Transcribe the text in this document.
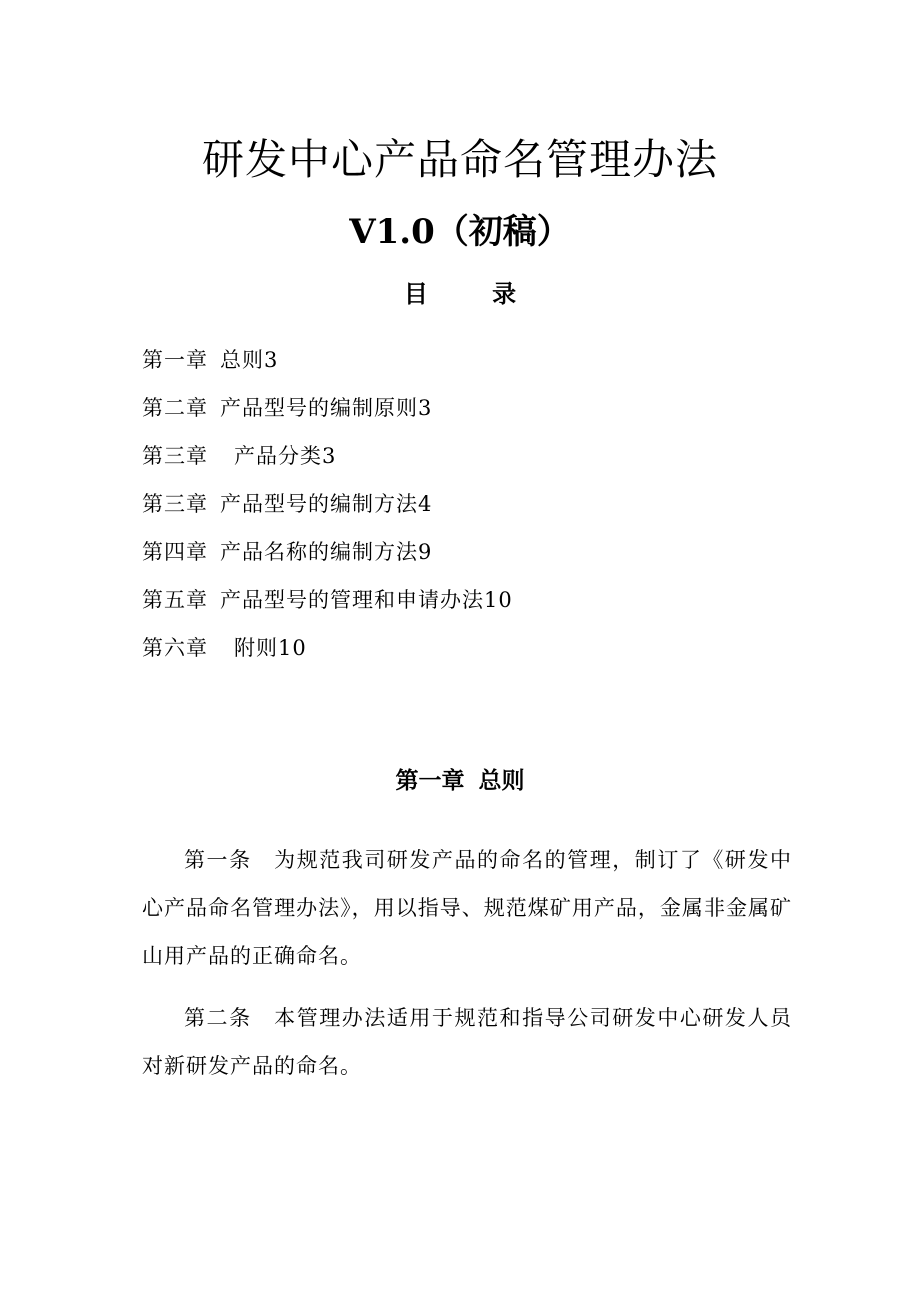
研发中心产品命名管理办法
V1.0（初稿）
目 录
第一章 总则3
第二章 产品型号的编制原则3
第三章 产品分类3
第三章 产品型号的编制方法4
第四章 产品名称的编制方法9
第五章 产品型号的管理和申请办法10
第六章 附则10
第一章 总则

第一条 为规范我司研发产品的命名的管理，制订了《研发中心产品命名管理办法》，用以指导、规范煤矿用产品，金属非金属矿山用产品的正确命名。

第二条 本管理办法适用于规范和指导公司研发中心研发人员对新研发产品的命名。
